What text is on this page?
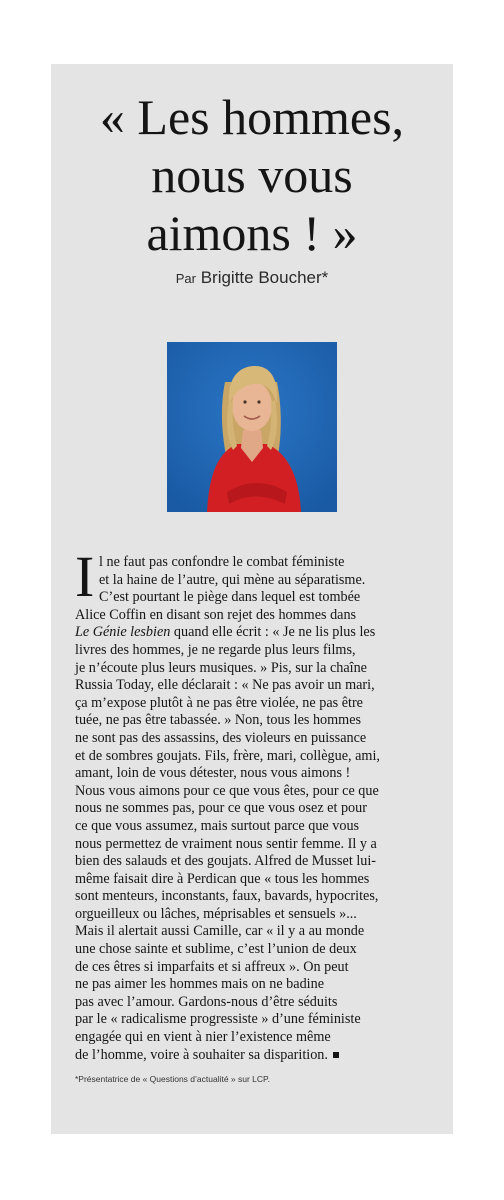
« Les hommes,
nous vous
aimons ! »
Par Brigitte Boucher*
I l ne faut pas confondre le combat féministe
et la haine de l’autre, qui mène au séparatisme.
C’est pourtant le piège dans lequel est tombée
Alice Coffin en disant son rejet des hommes dans
Le Génie lesbien quand elle écrit : « Je ne lis plus les
livres des hommes, je ne regarde plus leurs films,
je n’écoute plus leurs musiques. » Pis, sur la chaîne
Russia Today, elle déclarait : « Ne pas avoir un mari,
ça m’expose plutôt à ne pas être violée, ne pas être
tuée, ne pas être tabassée. » Non, tous les hommes
ne sont pas des assassins, des violeurs en puissance
et de sombres goujats. Fils, frère, mari, collègue, ami,
amant, loin de vous détester, nous vous aimons !
Nous vous aimons pour ce que vous êtes, pour ce que
nous ne sommes pas, pour ce que vous osez et pour
ce que vous assumez, mais surtout parce que vous
nous permettez de vraiment nous sentir femme. Il y a
bien des salauds et des goujats. Alfred de Musset lui-
même faisait dire à Perdican que « tous les hommes
sont menteurs, inconstants, faux, bavards, hypocrites,
orgueilleux ou lâches, méprisables et sensuels »...
Mais il alertait aussi Camille, car « il y a au monde
une chose sainte et sublime, c’est l’union de deux
de ces êtres si imparfaits et si affreux ». On peut
ne pas aimer les hommes mais on ne badine
pas avec l’amour. Gardons-nous d’être séduits
par le « radicalisme progressiste » d’une féministe
engagée qui en vient à nier l’existence même
de l’homme, voire à souhaiter sa disparition.
*Présentatrice de « Questions d’actualité » sur LCP.
